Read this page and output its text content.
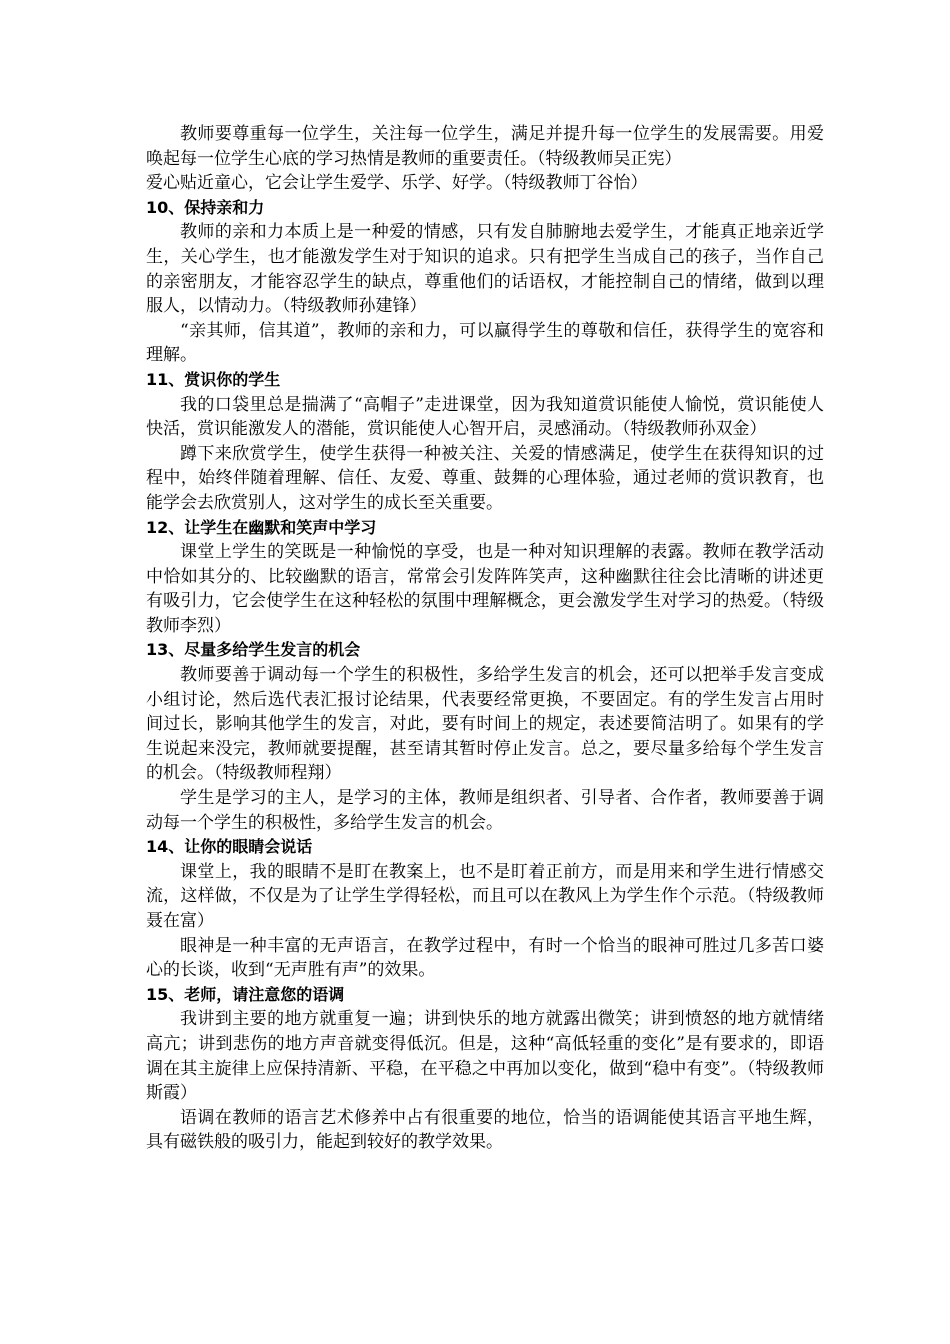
教师要尊重每一位学生，关注每一位学生，满足并提升每一位学生的发展需要。用爱唤起每一位学生心底的学习热情是教师的重要责任。（特级教师吴正宪）

爱心贴近童心，它会让学生爱学、乐学、好学。（特级教师丁谷怡）

10、保持亲和力

教师的亲和力本质上是一种爱的情感，只有发自肺腑地去爱学生，才能真正地亲近学生，关心学生，也才能激发学生对于知识的追求。只有把学生当成自己的孩子，当作自己的亲密朋友，才能容忍学生的缺点，尊重他们的话语权，才能控制自己的情绪，做到以理服人，以情动力。（特级教师孙建锋）

“亲其师，信其道”，教师的亲和力，可以赢得学生的尊敬和信任，获得学生的宽容和理解。

11、赏识你的学生

我的口袋里总是揣满了“高帽子”走进课堂，因为我知道赏识能使人愉悦，赏识能使人快活，赏识能激发人的潜能，赏识能使人心智开启，灵感涌动。（特级教师孙双金）

蹲下来欣赏学生，使学生获得一种被关注、关爱的情感满足，使学生在获得知识的过程中，始终伴随着理解、信任、友爱、尊重、鼓舞的心理体验，通过老师的赏识教育，也能学会去欣赏别人，这对学生的成长至关重要。

12、让学生在幽默和笑声中学习

课堂上学生的笑既是一种愉悦的享受，也是一种对知识理解的表露。教师在教学活动中恰如其分的、比较幽默的语言，常常会引发阵阵笑声，这种幽默往往会比清晰的讲述更有吸引力，它会使学生在这种轻松的氛围中理解概念，更会激发学生对学习的热爱。（特级教师李烈）

13、尽量多给学生发言的机会

教师要善于调动每一个学生的积极性，多给学生发言的机会，还可以把举手发言变成小组讨论，然后选代表汇报讨论结果，代表要经常更换，不要固定。有的学生发言占用时间过长，影响其他学生的发言，对此，要有时间上的规定，表述要简洁明了。如果有的学生说起来没完，教师就要提醒，甚至请其暂时停止发言。总之，要尽量多给每个学生发言的机会。（特级教师程翔）

学生是学习的主人，是学习的主体，教师是组织者、引导者、合作者，教师要善于调动每一个学生的积极性，多给学生发言的机会。

14、让你的眼睛会说话

课堂上，我的眼睛不是盯在教案上，也不是盯着正前方，而是用来和学生进行情感交流，这样做，不仅是为了让学生学得轻松，而且可以在教风上为学生作个示范。（特级教师聂在富）

眼神是一种丰富的无声语言，在教学过程中，有时一个恰当的眼神可胜过几多苦口婆心的长谈，收到“无声胜有声”的效果。

15、老师，请注意您的语调

我讲到主要的地方就重复一遍；讲到快乐的地方就露出微笑；讲到愤怒的地方就情绪高亢；讲到悲伤的地方声音就变得低沉。但是，这种“高低轻重的变化”是有要求的，即语调在其主旋律上应保持清新、平稳，在平稳之中再加以变化，做到“稳中有变”。（特级教师斯霞）

语调在教师的语言艺术修养中占有很重要的地位，恰当的语调能使其语言平地生辉，具有磁铁般的吸引力，能起到较好的教学效果。
